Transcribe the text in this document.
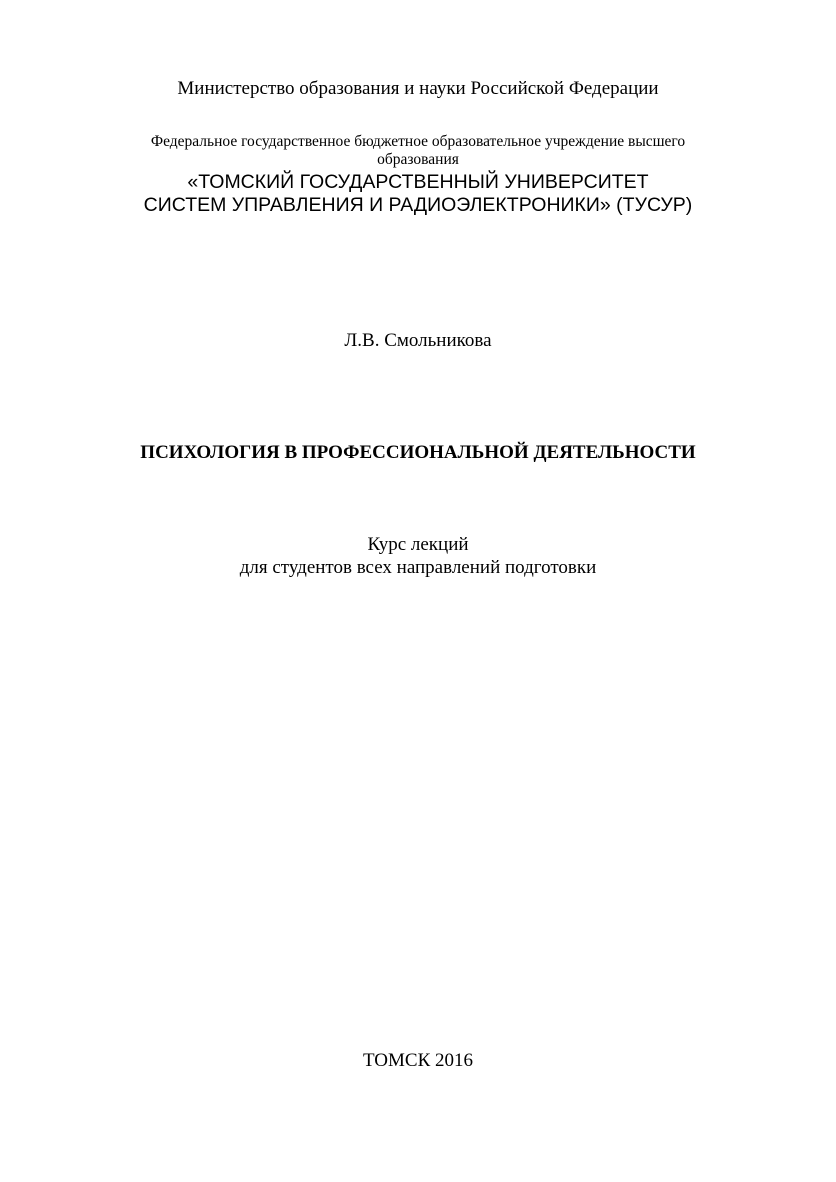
Министерство образования и науки Российской Федерации
Федеральное государственное бюджетное образовательное учреждение высшего
образования
«ТОМСКИЙ ГОСУДАРСТВЕННЫЙ УНИВЕРСИТЕТ
СИСТЕМ УПРАВЛЕНИЯ И РАДИОЭЛЕКТРОНИКИ» (ТУСУР)
Л.В. Смольникова
ПСИХОЛОГИЯ В ПРОФЕССИОНАЛЬНОЙ ДЕЯТЕЛЬНОСТИ
Курс лекций
для студентов всех направлений подготовки
ТОМСК 2016
